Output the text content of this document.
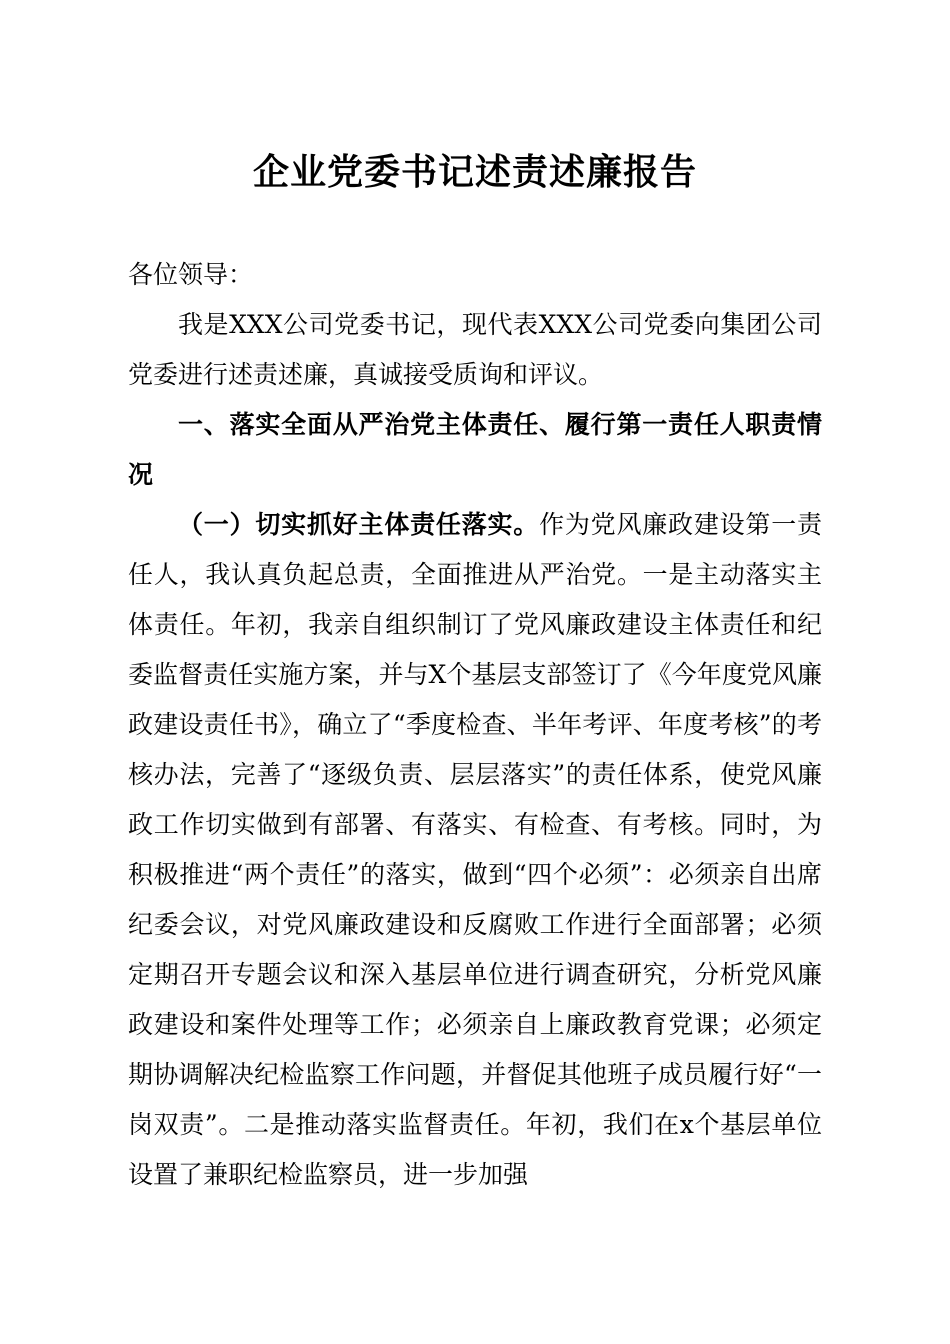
企业党委书记述责述廉报告

各位领导：

我是XXX公司党委书记，现代表XXX公司党委向集团公司党委进行述责述廉，真诚接受质询和评议。

一、落实全面从严治党主体责任、履行第一责任人职责情况

（一）切实抓好主体责任落实。作为党风廉政建设第一责任人，我认真负起总责，全面推进从严治党。一是主动落实主体责任。年初，我亲自组织制订了党风廉政建设主体责任和纪委监督责任实施方案，并与X个基层支部签订了《今年度党风廉政建设责任书》，确立了“季度检查、半年考评、年度考核”的考核办法，完善了“逐级负责、层层落实”的责任体系，使党风廉政工作切实做到有部署、有落实、有检查、有考核。同时，为积极推进“两个责任”的落实，做到“四个必须”：必须亲自出席纪委会议，对党风廉政建设和反腐败工作进行全面部署；必须定期召开专题会议和深入基层单位进行调查研究，分析党风廉政建设和案件处理等工作；必须亲自上廉政教育党课；必须定期协调解决纪检监察工作问题，并督促其他班子成员履行好“一岗双责”。二是推动落实监督责任。年初，我们在x个基层单位设置了兼职纪检监察员，进一步加强
